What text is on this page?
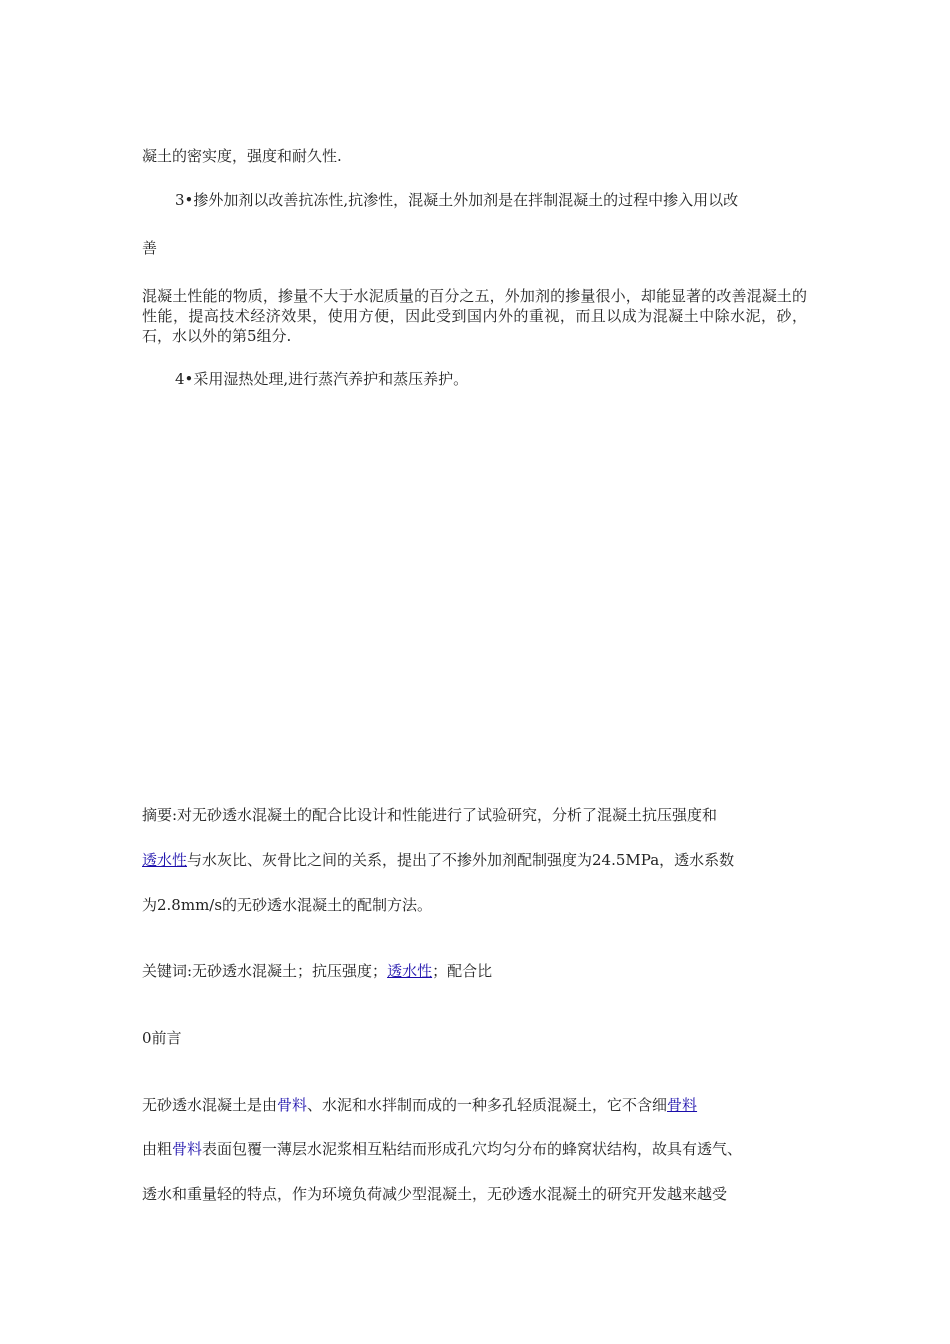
凝土的密实度，强度和耐久性.
3•掺外加剂以改善抗冻性,抗渗性，混凝土外加剂是在拌制混凝土的过程中掺入用以改
善
混凝土性能的物质，掺量不大于水泥质量的百分之五，外加剂的掺量很小，却能显著的改善混凝土的性能，提高技术经济效果，使用方便，因此受到国内外的重视，而且以成为混凝土中除水泥，砂，石，水以外的第5组分.
4•采用湿热处理,进行蒸汽养护和蒸压养护。
摘要:对无砂透水混凝土的配合比设计和性能进行了试验研究，分析了混凝土抗压强度和
透水性与水灰比、灰骨比之间的关系，提出了不掺外加剂配制强度为24.5MPa，透水系数
为2.8mm/s的无砂透水混凝土的配制方法。
关键词:无砂透水混凝土；抗压强度；透水性；配合比
0前言
无砂透水混凝土是由骨料、水泥和水拌制而成的一种多孔轻质混凝土，它不含细骨料
由粗骨料表面包覆一薄层水泥浆相互粘结而形成孔穴均匀分布的蜂窝状结构，故具有透气、
透水和重量轻的特点，作为环境负荷减少型混凝土，无砂透水混凝土的研究开发越来越受
